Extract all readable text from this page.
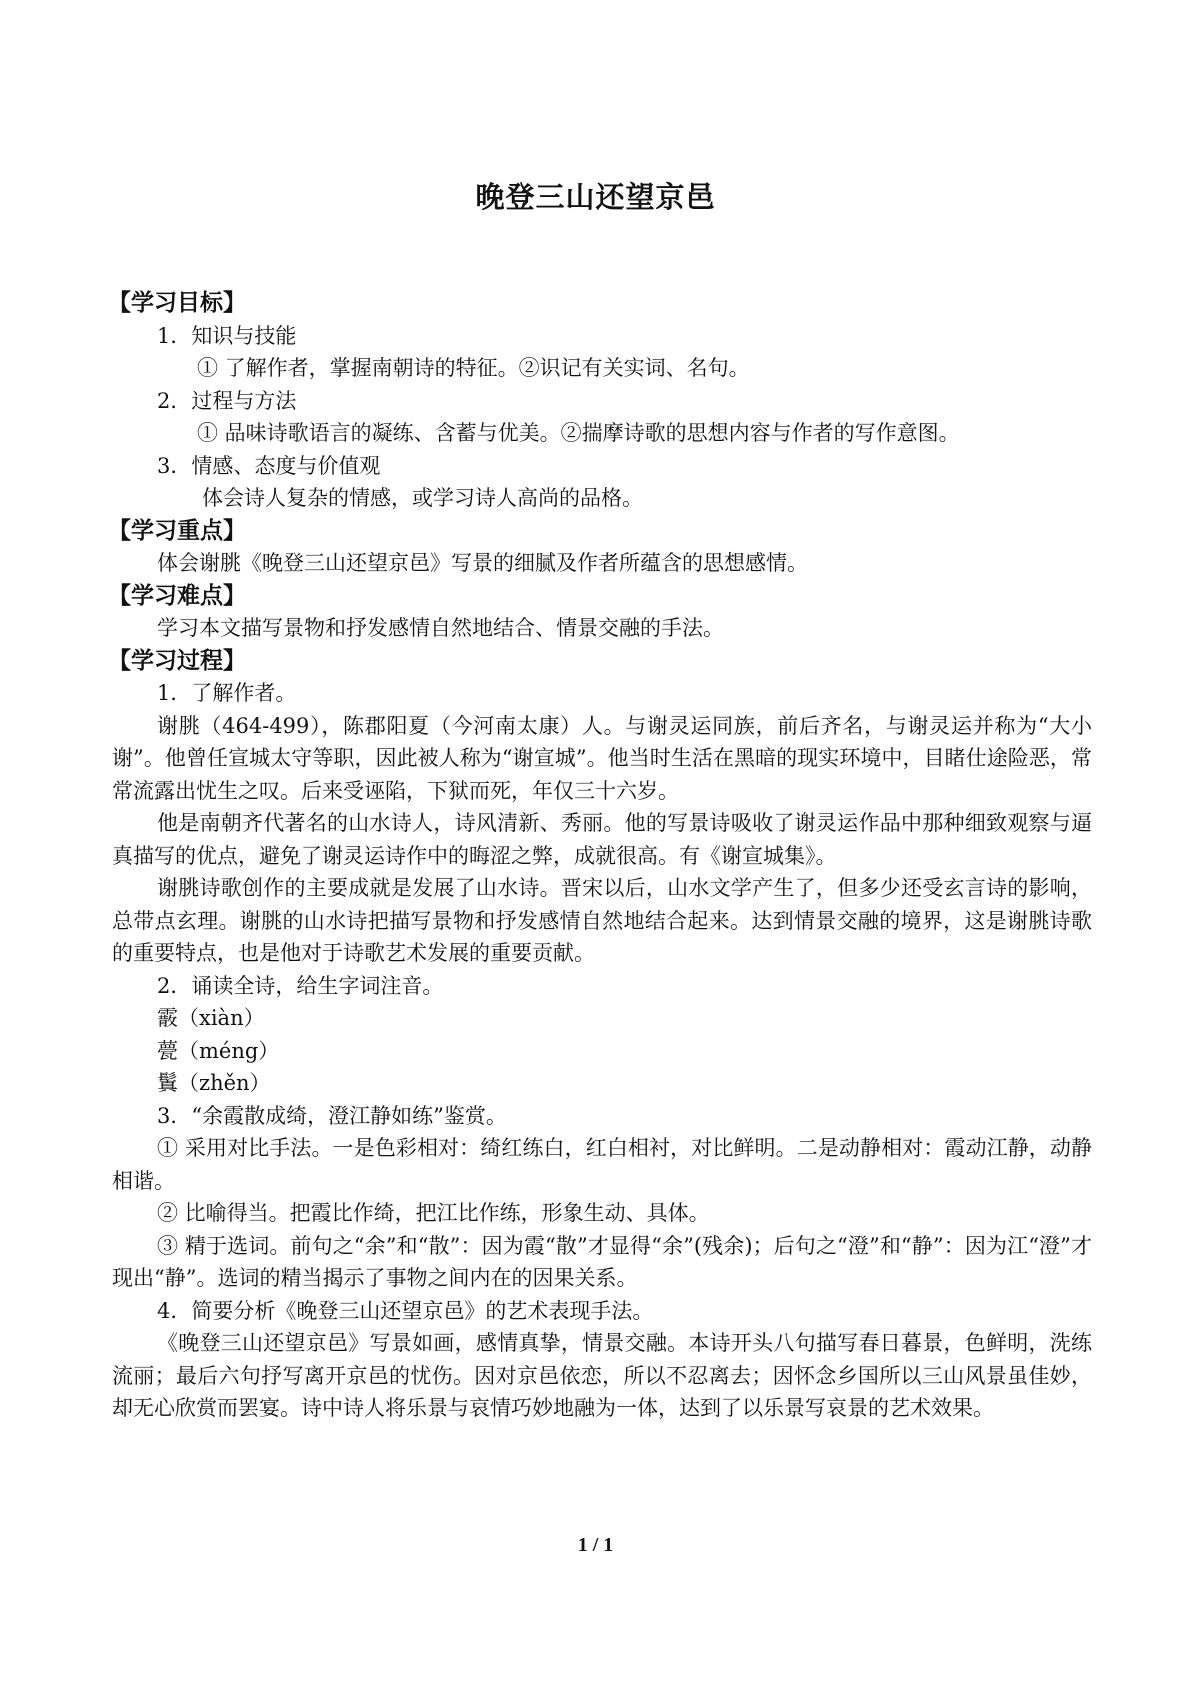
晚登三山还望京邑
【学习目标】
1．知识与技能
① 了解作者，掌握南朝诗的特征。②识记有关实词、名句。
2．过程与方法
① 品味诗歌语言的凝练、含蓄与优美。②揣摩诗歌的思想内容与作者的写作意图。
3．情感、态度与价值观
体会诗人复杂的情感，或学习诗人高尚的品格。
【学习重点】
体会谢朓《晚登三山还望京邑》写景的细腻及作者所蕴含的思想感情。
【学习难点】
学习本文描写景物和抒发感情自然地结合、情景交融的手法。
【学习过程】
1．了解作者。
谢朓（464-499），陈郡阳夏（今河南太康）人。与谢灵运同族，前后齐名，与谢灵运并称为“大小谢”。他曾任宣城太守等职，因此被人称为“谢宣城”。他当时生活在黑暗的现实环境中，目睹仕途险恶，常常流露出忧生之叹。后来受诬陷，下狱而死，年仅三十六岁。
他是南朝齐代著名的山水诗人，诗风清新、秀丽。他的写景诗吸收了谢灵运作品中那种细致观察与逼真描写的优点，避免了谢灵运诗作中的晦涩之弊，成就很高。有《谢宣城集》。
谢朓诗歌创作的主要成就是发展了山水诗。晋宋以后，山水文学产生了，但多少还受玄言诗的影响，总带点玄理。谢朓的山水诗把描写景物和抒发感情自然地结合起来。达到情景交融的境界，这是谢朓诗歌的重要特点，也是他对于诗歌艺术发展的重要贡献。
2．诵读全诗，给生字词注音。
霰（xiàn）
甍（méng）
鬒（zhěn）
3．“余霞散成绮，澄江静如练”鉴赏。
① 采用对比手法。一是色彩相对：绮红练白，红白相衬，对比鲜明。二是动静相对：霞动江静，动静相谐。
② 比喻得当。把霞比作绮，把江比作练，形象生动、具体。
③ 精于选词。前句之“余”和“散”：因为霞“散”才显得“余”(残余)；后句之“澄”和“静”：因为江“澄”才现出“静”。选词的精当揭示了事物之间内在的因果关系。
4．简要分析《晚登三山还望京邑》的艺术表现手法。
《晚登三山还望京邑》写景如画，感情真挚，情景交融。本诗开头八句描写春日暮景，色鲜明，洗练流丽；最后六句抒写离开京邑的忧伤。因对京邑依恋，所以不忍离去；因怀念乡国所以三山风景虽佳妙，却无心欣赏而罢宴。诗中诗人将乐景与哀情巧妙地融为一体，达到了以乐景写哀景的艺术效果。
1 / 1
